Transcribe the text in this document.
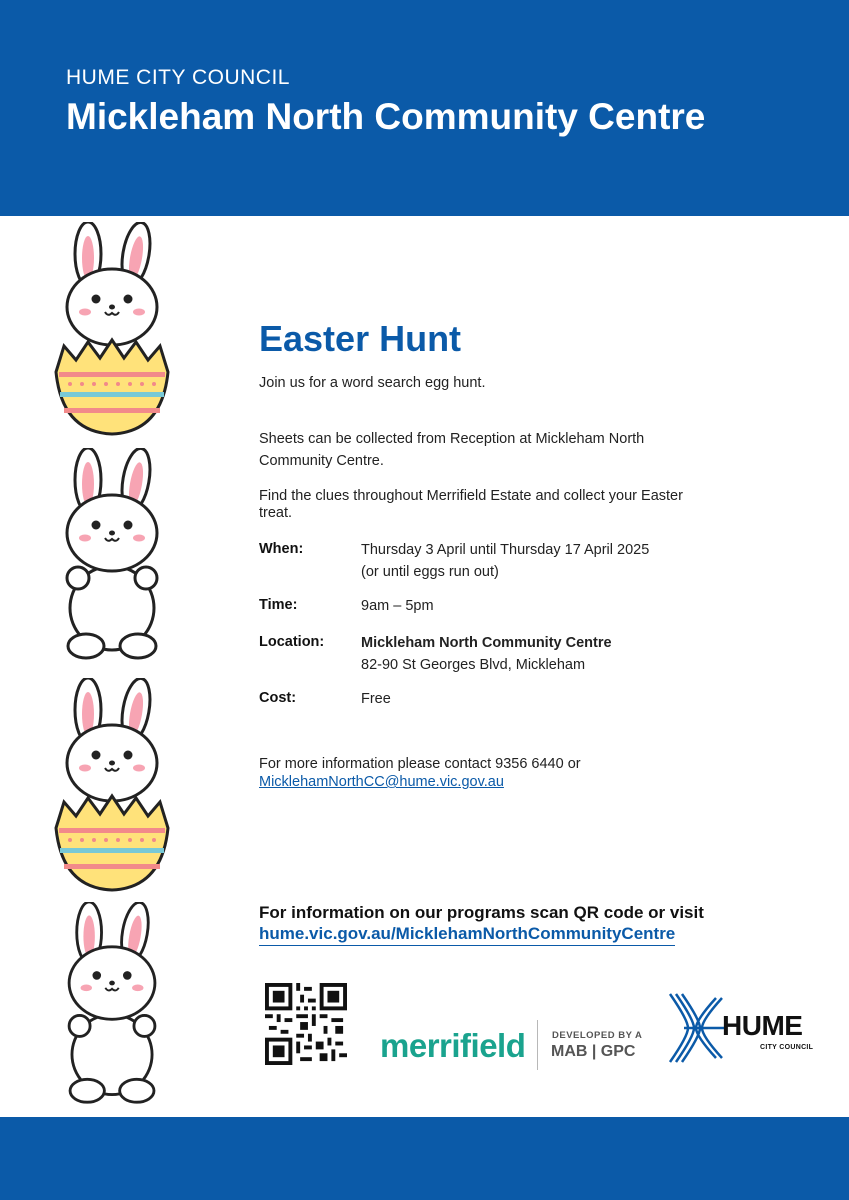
HUME CITY COUNCIL
Mickleham North Community Centre
Easter Hunt
Join us for a word search egg hunt.
Sheets can be collected from Reception at Mickleham North
Community Centre.
Find the clues throughout Merrifield Estate and collect your Easter
treat.
When:	Thursday 3 April until Thursday 17 April 2025
(or until eggs run out)
Time:	9am – 5pm
Location:	Mickleham North Community Centre
82-90 St Georges Blvd, Mickleham
Cost:	Free
For more information please contact 9356 6440 or
MicklehamNorthCC@hume.vic.gov.au
For information on our programs scan QR code or visit
hume.vic.gov.au/MicklehamNorthCommunityCentre
merrifield	DEVELOPED BY A
MAB | GPC
HUME
CITY COUNCIL
